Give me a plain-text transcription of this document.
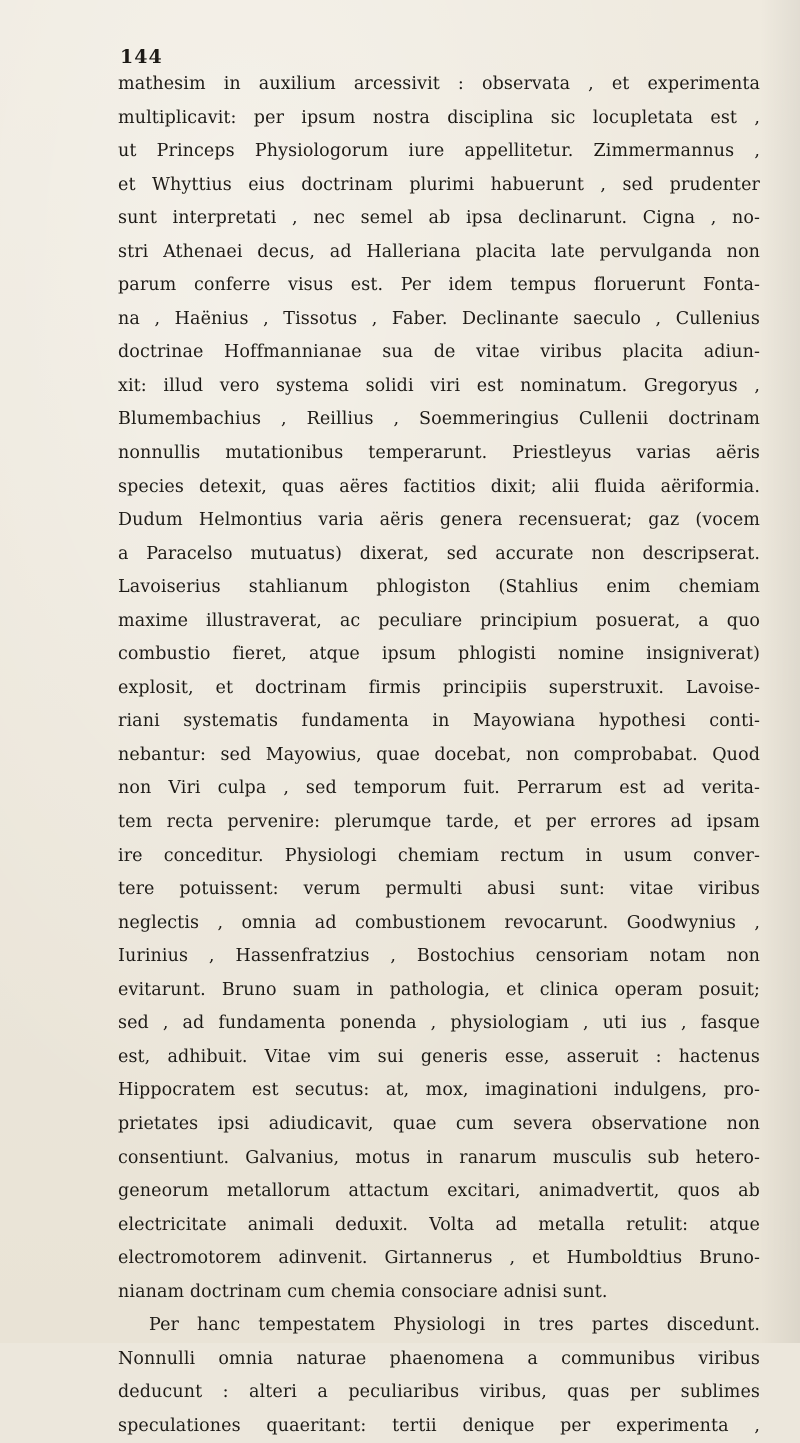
144
mathesim in auxilium arcessivit : observata , et experimenta
multiplicavit: per ipsum nostra disciplina sic locupletata est ,
ut Princeps Physiologorum iure appellitetur. Zimmermannus ,
et Whyttius eius doctrinam plurimi habuerunt , sed prudenter
sunt interpretati , nec semel ab ipsa declinarunt. Cigna , no-
stri Athenaei decus, ad Halleriana placita late pervulganda non
parum conferre visus est. Per idem tempus floruerunt Fonta-
na , Haënius , Tissotus , Faber. Declinante saeculo , Cullenius
doctrinae Hoffmannianae sua de vitae viribus placita adiun-
xit: illud vero systema solidi viri est nominatum. Gregoryus ,
Blumembachius , Reillius , Soemmeringius Cullenii doctrinam
nonnullis mutationibus temperarunt. Priestleyus varias aëris
species detexit, quas aëres factitios dixit; alii fluida aëriformia.
Dudum Helmontius varia aëris genera recensuerat; gaz (vocem
a Paracelso mutuatus) dixerat, sed accurate non descripserat.
Lavoiserius stahlianum phlogiston (Stahlius enim chemiam
maxime illustraverat, ac peculiare principium posuerat, a quo
combustio fieret, atque ipsum phlogisti nomine insigniverat)
explosit, et doctrinam firmis principiis superstruxit. Lavoise-
riani systematis fundamenta in Mayowiana hypothesi conti-
nebantur: sed Mayowius, quae docebat, non comprobabat. Quod
non Viri culpa , sed temporum fuit. Perrarum est ad verita-
tem recta pervenire: plerumque tarde, et per errores ad ipsam
ire conceditur. Physiologi chemiam rectum in usum conver-
tere potuissent: verum permulti abusi sunt: vitae viribus
neglectis , omnia ad combustionem revocarunt. Goodwynius ,
Iurinius , Hassenfratzius , Bostochius censoriam notam non
evitarunt. Bruno suam in pathologia, et clinica operam posuit;
sed , ad fundamenta ponenda , physiologiam , uti ius , fasque
est, adhibuit. Vitae vim sui generis esse, asseruit : hactenus
Hippocratem est secutus: at, mox, imaginationi indulgens, pro-
prietates ipsi adiudicavit, quae cum severa observatione non
consentiunt. Galvanius, motus in ranarum musculis sub hetero-
geneorum metallorum attactum excitari, animadvertit, quos ab
electricitate animali deduxit. Volta ad metalla retulit: atque
electromotorem adinvenit. Girtannerus , et Humboldtius Bruno-
nianam doctrinam cum chemia consociare adnisi sunt.
Per hanc tempestatem Physiologi in tres partes discedunt.
Nonnulli omnia naturae phaenomena a communibus viribus
deducunt : alteri a peculiaribus viribus, quas per sublimes
speculationes quaeritant: tertii denique per experimenta ,
